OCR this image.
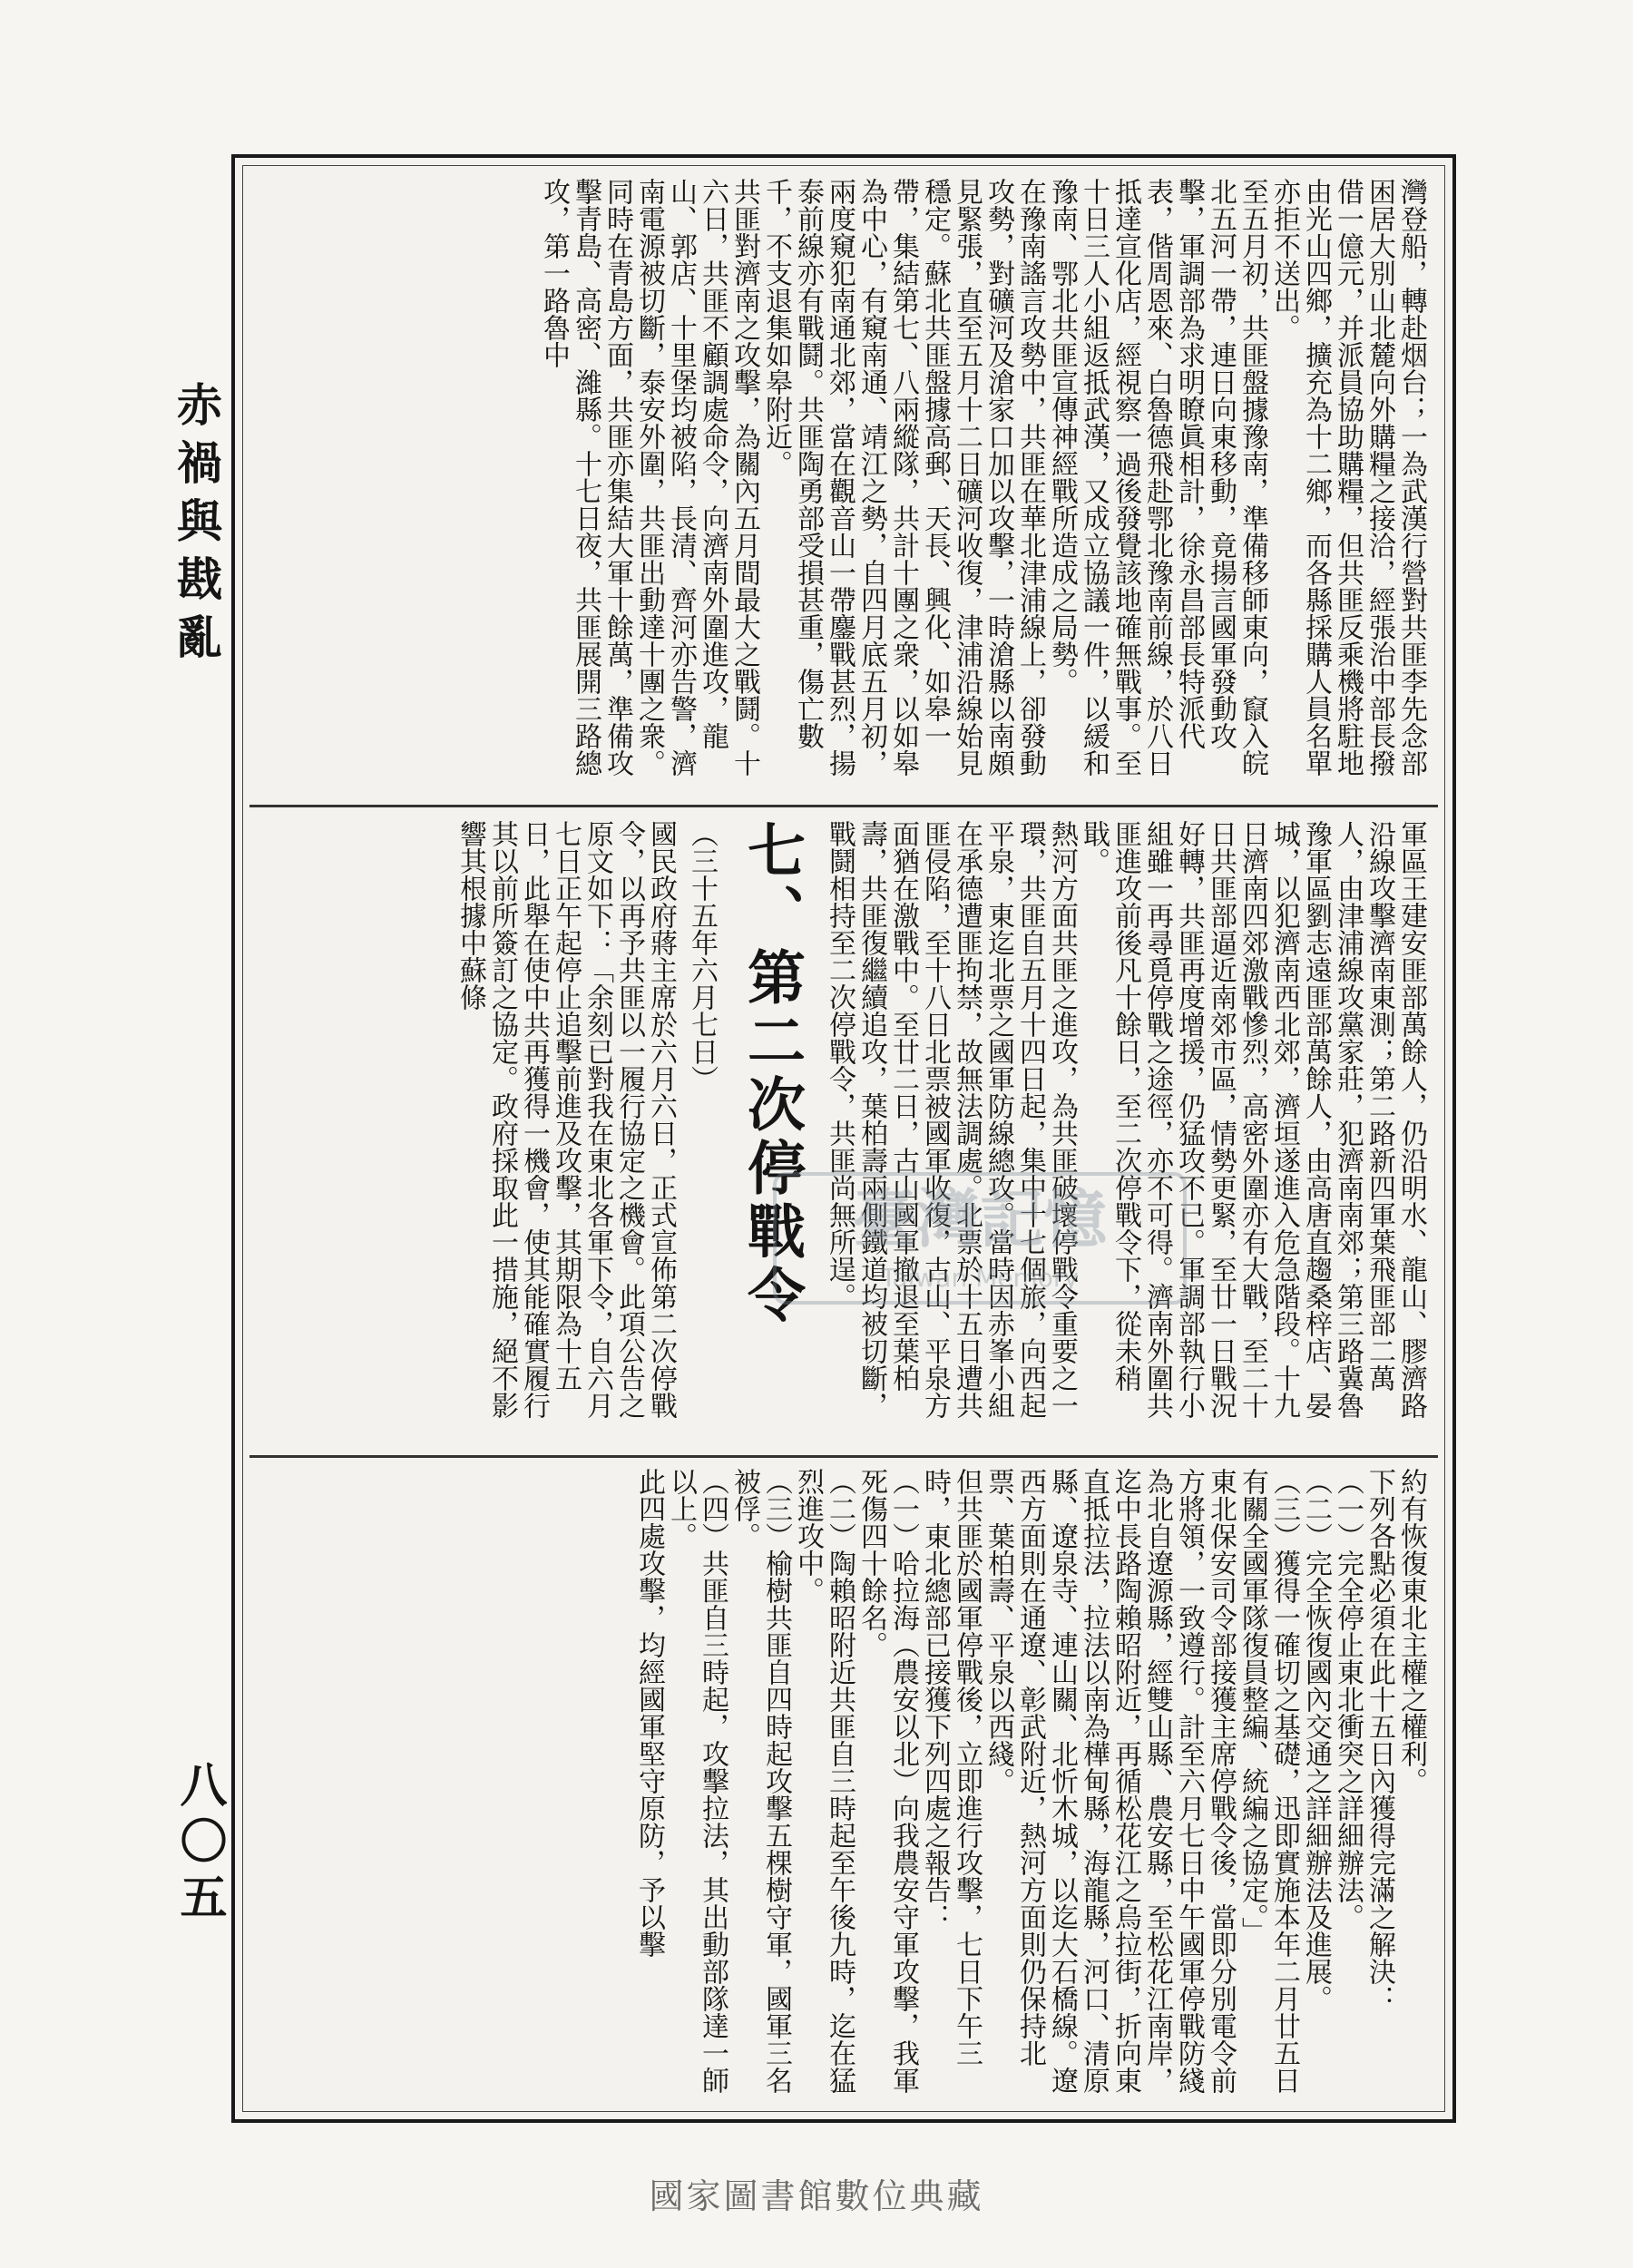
赤禍與戡亂
八〇五

灣登船，轉赴烟台；一為武漢行營對共匪李先念部困居大別山北麓向外購糧之接洽，經張治中部長撥借一億元，并派員協助購糧，但共匪反乘機將駐地由光山四鄉，擴充為十二鄉，而各縣採購人員名單亦拒不送出。

至五月初，共匪盤據豫南，準備移師東向，竄入皖北五河一帶，連日向東移動，竟揚言國軍發動攻擊，軍調部為求明瞭眞相計，徐永昌部長特派代表，偕周恩來、白魯德飛赴鄂北豫南前線，於八日抵達宣化店，經視察一過後發覺該地確無戰事。至十日三人小組返抵武漢，又成立協議一件，以緩和豫南、鄂北共匪宣傳神經戰所造成之局勢。

在豫南謠言攻勢中，共匪在華北津浦線上，卻發動攻勢，對礦河及滄家口加以攻擊，一時滄縣以南頗見緊張，直至五月十二日礦河收復，津浦沿線始見穩定。蘇北共匪盤據高郵、天長、興化、如皋一帶，集結第七、八兩縱隊，共計十團之衆，以如皋為中心，有窺南通、靖江之勢，自四月底五月初，兩度窺犯南通北郊，當在觀音山一帶鏖戰甚烈，揚泰前線亦有戰鬪。共匪陶勇部受損甚重，傷亡數千，不支退集如皋附近。

共匪對濟南之攻擊，為關內五月間最大之戰鬪。十六日，共匪不顧調處命令，向濟南外圍進攻，龍山、郭店、十里堡均被陷，長清、齊河亦告警，濟南電源被切斷，泰安外圍，共匪出動達十團之衆。同時在青島方面，共匪亦集結大軍十餘萬，準備攻擊青島、高密、濰縣。十七日夜，共匪展開三路總攻，第一路魯中

軍區王建安匪部萬餘人，仍沿明水、龍山、膠濟路沿線攻擊濟南東測；第二路新四軍葉飛匪部二萬人，由津浦線攻黨家莊，犯濟南南郊；第三路冀魯豫軍區劉志遠匪部萬餘人，由高唐直趨桑梓店、晏城，以犯濟南西北郊，濟垣遂進入危急階段。十九日濟南四郊激戰慘烈，高密外圍亦有大戰，至二十日共匪部逼近南郊市區，情勢更緊，至廿一日戰況好轉，共匪再度增援，仍猛攻不已。軍調部執行小組雖一再尋覓停戰之途徑，亦不可得。濟南外圍共匪進攻前後凡十餘日，至二次停戰令下，從未稍戢。

熱河方面共匪之進攻，為共匪破壞停戰令重要之一環，共匪自五月十四日起，集中十七個旅，向西起平泉，東迄北票之國軍防線總攻。當時因赤峯小組在承德遭匪拘禁，故無法調處。北票於十五日遭共匪侵陷，至十八日北票被國軍收復，古山、平泉方面猶在激戰中。至廿二日，古山國軍撤退至葉柏壽，共匪復繼續追攻，葉柏壽兩側鐵道均被切斷，戰鬪相持至二次停戰令，共匪尚無所逞。

七、第二次停戰令

（三十五年六月七日）

國民政府蔣主席於六月六日，正式宣佈第二次停戰令，以再予共匪以一履行協定之機會。此項公告之原文如下：「余刻已對我在東北各軍下令，自六月七日正午起停止追擊前進及攻擊，其期限為十五日，此舉在使中共再獲得一機會，使其能確實履行其以前所簽訂之協定。政府採取此一措施，絕不影響其根據中蘇條

約有恢復東北主權之權利。

下列各點必須在此十五日內獲得完滿之解決：

（一）完全停止東北衝突之詳細辦法。

（二）完全恢復國內交通之詳細辦法及進展。

（三）獲得一確切之基礎，迅即實施本年二月廿五日有關全國軍隊復員整編、統編之協定。」

東北保安司令部接獲主席停戰令後，當即分別電令前方將領，一致遵行。計至六月七日中午國軍停戰防綫為北自遼源縣，經雙山縣、農安縣，至松花江南岸，迄中長路陶賴昭附近，再循松花江之烏拉街，折向東直抵拉法，拉法以南為樺甸縣，海龍縣，河口、清原縣、遼泉寺、連山關、北忻木城，以迄大石橋線。遼西方面則在通遼、彰武附近，熱河方面則仍保持北票、葉柏壽、平泉以西綫。

但共匪於國軍停戰後，立即進行攻擊，七日下午三時，東北總部已接獲下列四處之報告：

（一）哈拉海（農安以北）向我農安守軍攻擊，我軍死傷四十餘名。

（二）陶賴昭附近共匪自三時起至午後九時，迄在猛烈進攻中。

（三）榆樹共匪自四時起攻擊五棵樹守軍，國軍三名被俘。

（四）共匪自三時起，攻擊拉法，其出動部隊達一師以上。

此四處攻擊，均經國軍堅守原防，予以擊

臺灣記憶
Taiwan Memory
國家圖書館數位典藏
